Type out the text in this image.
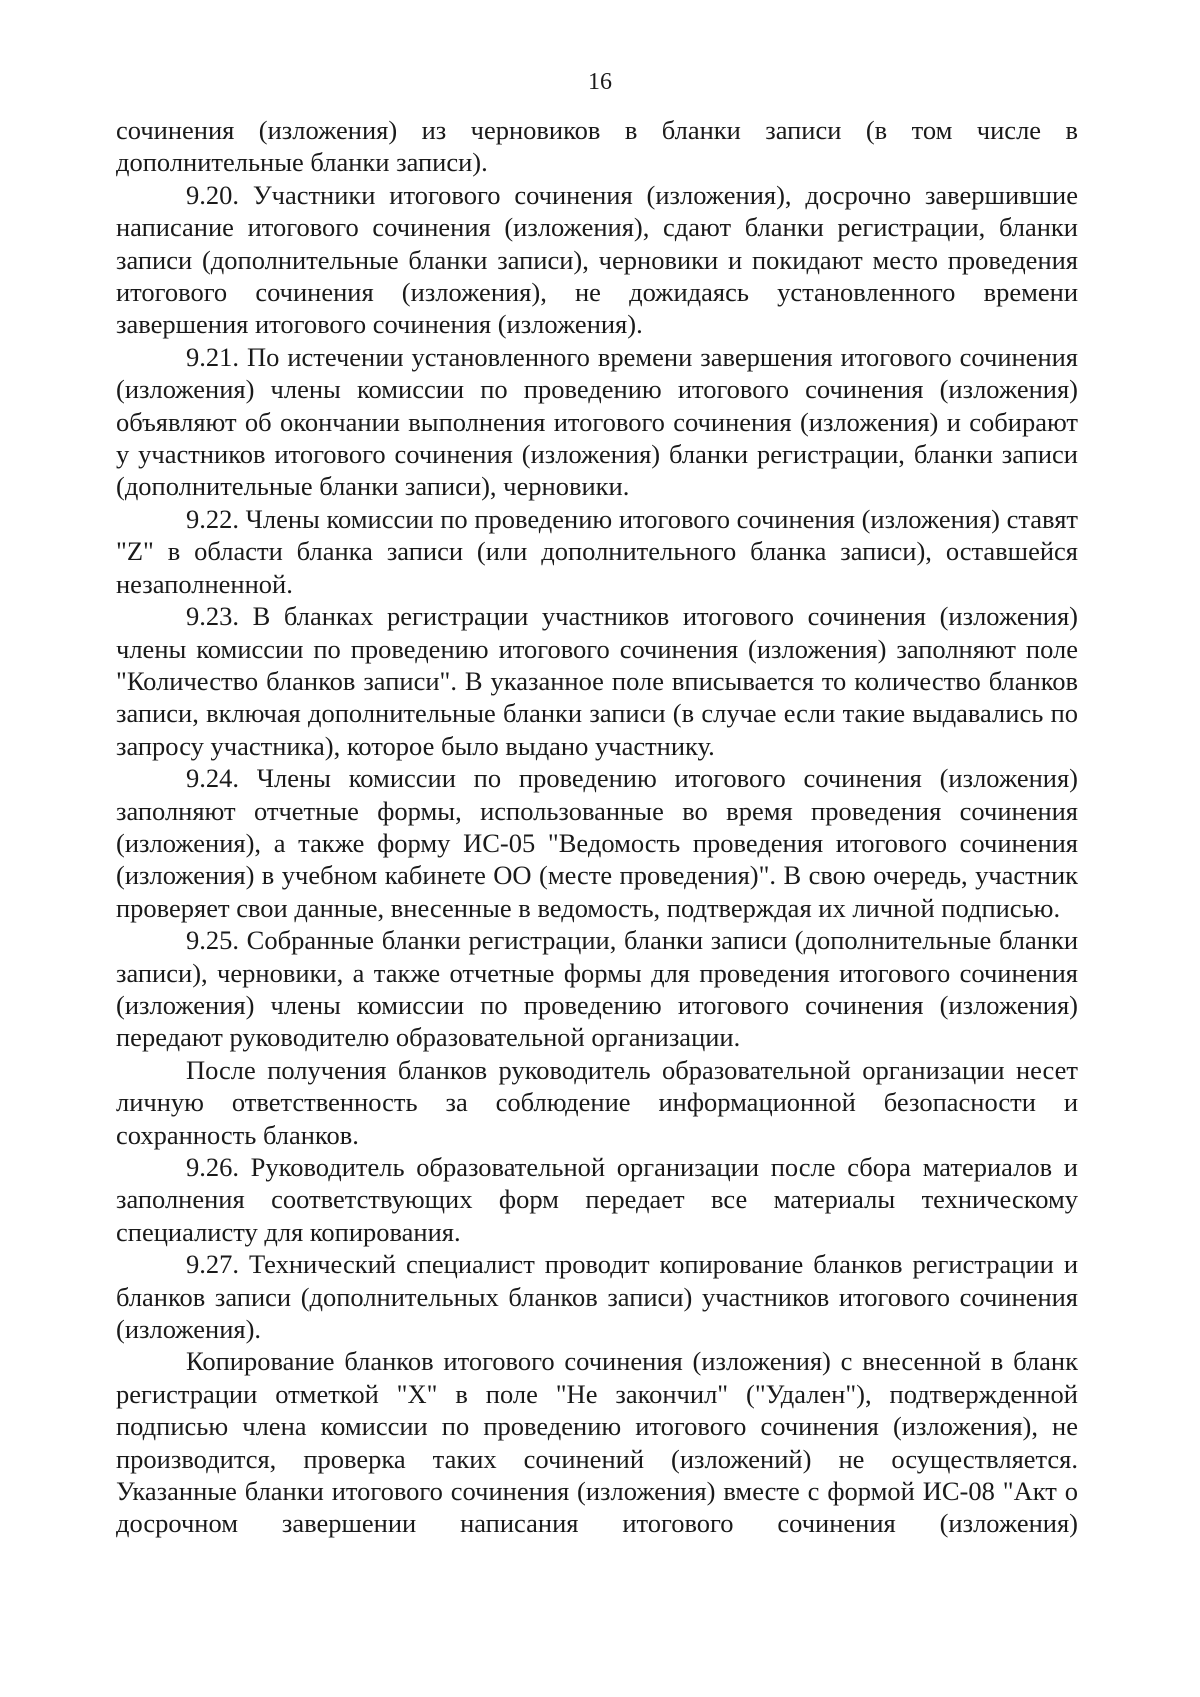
16

сочинения (изложения) из черновиков в бланки записи (в том числе в дополнительные бланки записи).

9.20. Участники итогового сочинения (изложения), досрочно завершившие написание итогового сочинения (изложения), сдают бланки регистрации, бланки записи (дополнительные бланки записи), черновики и покидают место проведения итогового сочинения (изложения), не дожидаясь установленного времени завершения итогового сочинения (изложения).

9.21. По истечении установленного времени завершения итогового сочинения (изложения) члены комиссии по проведению итогового сочинения (изложения) объявляют об окончании выполнения итогового сочинения (изложения) и собирают у участников итогового сочинения (изложения) бланки регистрации, бланки записи (дополнительные бланки записи), черновики.

9.22. Члены комиссии по проведению итогового сочинения (изложения) ставят "Z" в области бланка записи (или дополнительного бланка записи), оставшейся незаполненной.

9.23. В бланках регистрации участников итогового сочинения (изложения) члены комиссии по проведению итогового сочинения (изложения) заполняют поле "Количество бланков записи". В указанное поле вписывается то количество бланков записи, включая дополнительные бланки записи (в случае если такие выдавались по запросу участника), которое было выдано участнику.

9.24. Члены комиссии по проведению итогового сочинения (изложения) заполняют отчетные формы, использованные во время проведения сочинения (изложения), а также форму ИС-05 "Ведомость проведения итогового сочинения (изложения) в учебном кабинете ОО (месте проведения)". В свою очередь, участник проверяет свои данные, внесенные в ведомость, подтверждая их личной подписью.

9.25. Собранные бланки регистрации, бланки записи (дополнительные бланки записи), черновики, а также отчетные формы для проведения итогового сочинения (изложения) члены комиссии по проведению итогового сочинения (изложения) передают руководителю образовательной организации.

После получения бланков руководитель образовательной организации несет личную ответственность за соблюдение информационной безопасности и сохранность бланков.

9.26. Руководитель образовательной организации после сбора материалов и заполнения соответствующих форм передает все материалы техническому специалисту для копирования.

9.27. Технический специалист проводит копирование бланков регистрации и бланков записи (дополнительных бланков записи) участников итогового сочинения (изложения).

Копирование бланков итогового сочинения (изложения) с внесенной в бланк регистрации отметкой "X" в поле "Не закончил" ("Удален"), подтвержденной подписью члена комиссии по проведению итогового сочинения (изложения), не производится, проверка таких сочинений (изложений) не осуществляется. Указанные бланки итогового сочинения (изложения) вместе с формой ИС-08 "Акт о досрочном завершении написания итогового сочинения (изложения)
